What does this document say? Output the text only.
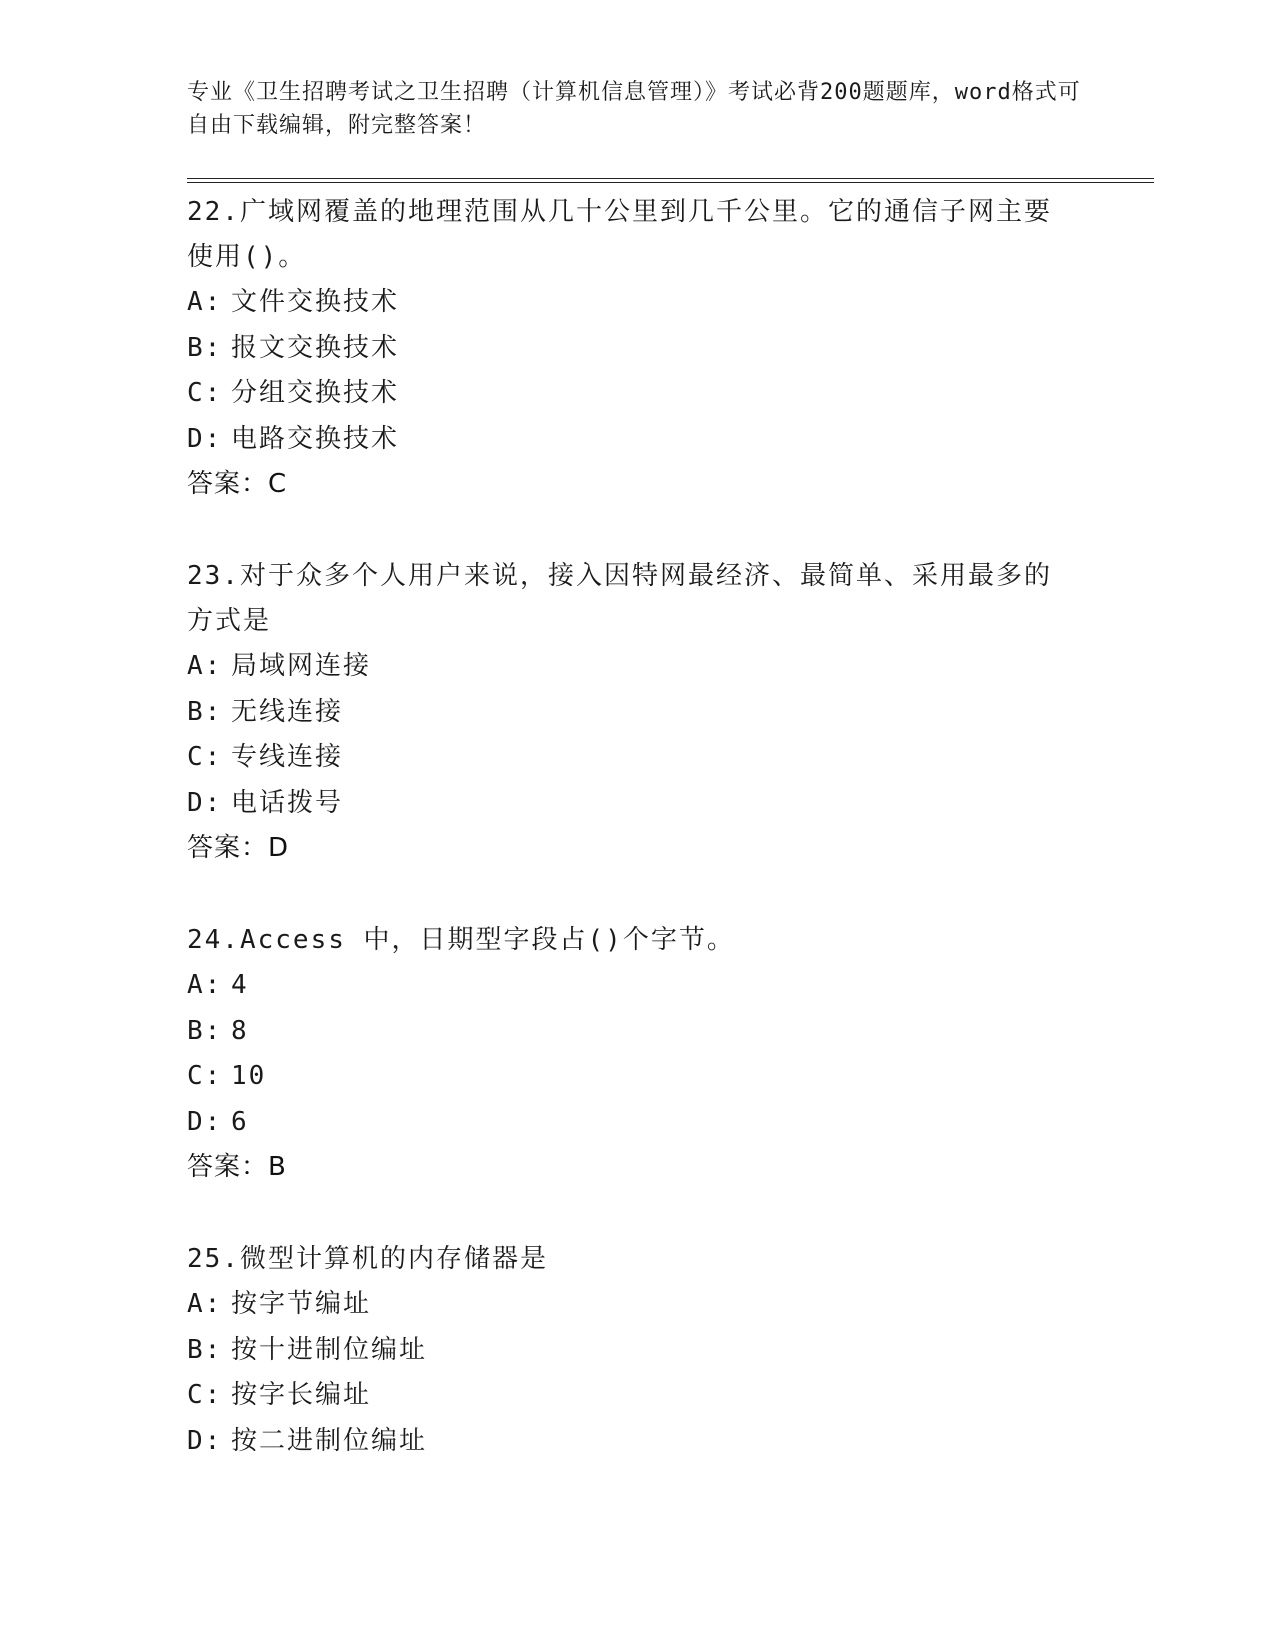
专业《卫生招聘考试之卫生招聘（计算机信息管理）》考试必背200题题库，word格式可自由下载编辑，附完整答案！
22.广域网覆盖的地理范围从几十公里到几千公里。它的通信子网主要使用()。
A: 文件交换技术
B: 报文交换技术
C: 分组交换技术
D: 电路交换技术
答案：C
23.对于众多个人用户来说，接入因特网最经济、最简单、采用最多的方式是
A: 局域网连接
B: 无线连接
C: 专线连接
D: 电话拨号
答案：D
24.Access 中，日期型字段占()个字节。
A: 4
B: 8
C: 10
D: 6
答案：B
25.微型计算机的内存储器是
A: 按字节编址
B: 按十进制位编址
C: 按字长编址
D: 按二进制位编址
